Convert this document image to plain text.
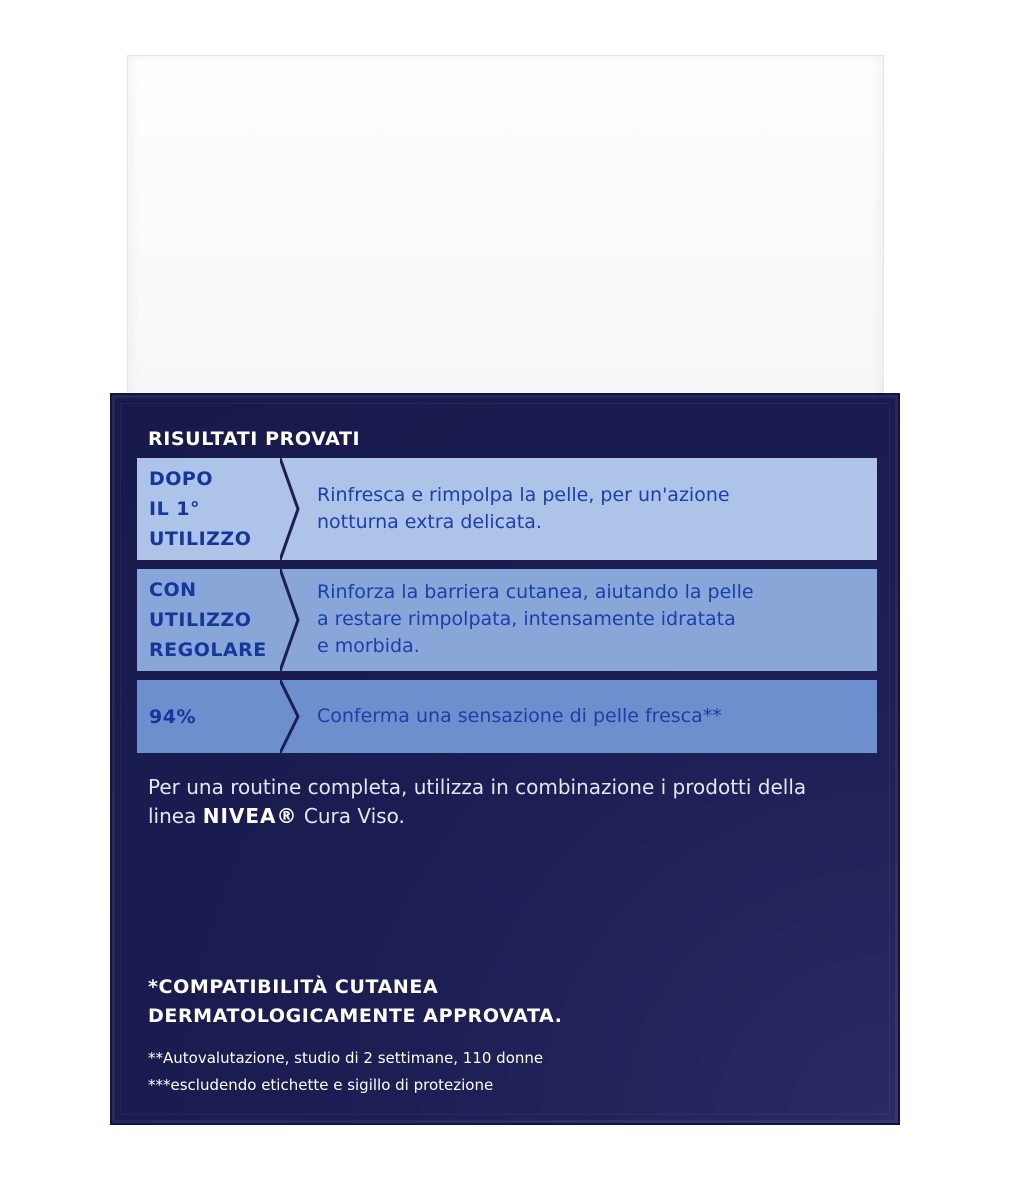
RISULTATI PROVATI
DOPO
IL 1°
UTILIZZO
Rinfresca e rimpolpa la pelle, per un'azione
notturna extra delicata.
CON
UTILIZZO
REGOLARE
Rinforza la barriera cutanea, aiutando la pelle
a restare rimpolpata, intensamente idratata
e morbida.
94%	Conferma una sensazione di pelle fresca**
Per una routine completa, utilizza in combinazione i prodotti della
linea NIVEA® Cura Viso.
*COMPATIBILITÀ CUTANEA
DERMATOLOGICAMENTE APPROVATA.
**Autovalutazione, studio di 2 settimane, 110 donne
***escludendo etichette e sigillo di protezione
